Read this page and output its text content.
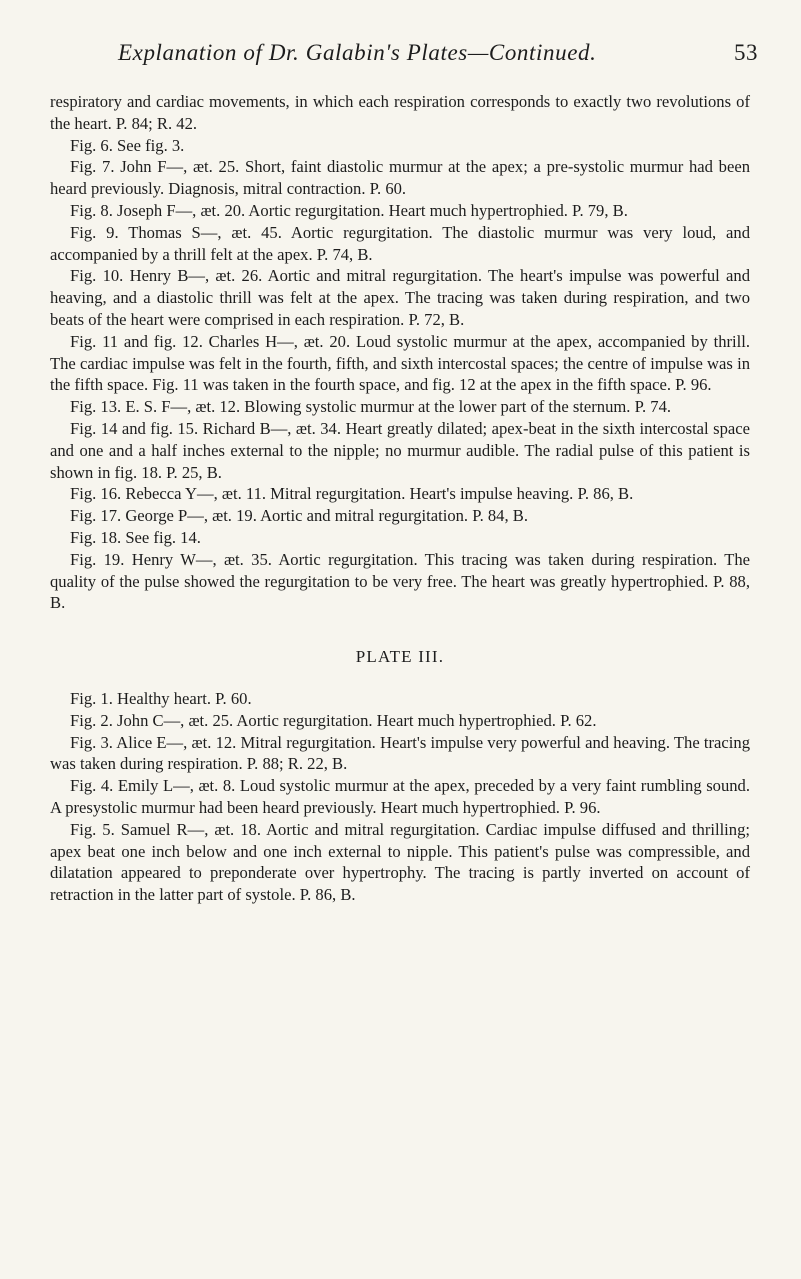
Explanation of Dr. Galabin's Plates—Continued.	53

respiratory and cardiac movements, in which each respiration corresponds to exactly two revolutions of the heart. P. 84; R. 42.

Fig. 6. See fig. 3.

Fig. 7. John F—, æt. 25. Short, faint diastolic murmur at the apex; a pre-systolic murmur had been heard previously. Diagnosis, mitral contraction. P. 60.

Fig. 8. Joseph F—, æt. 20. Aortic regurgitation. Heart much hypertrophied. P. 79, B.

Fig. 9. Thomas S—, æt. 45. Aortic regurgitation. The diastolic murmur was very loud, and accompanied by a thrill felt at the apex. P. 74, B.

Fig. 10. Henry B—, æt. 26. Aortic and mitral regurgitation. The heart's impulse was powerful and heaving, and a diastolic thrill was felt at the apex. The tracing was taken during respiration, and two beats of the heart were comprised in each respiration. P. 72, B.

Fig. 11 and fig. 12. Charles H—, æt. 20. Loud systolic murmur at the apex, accompanied by thrill. The cardiac impulse was felt in the fourth, fifth, and sixth intercostal spaces; the centre of impulse was in the fifth space. Fig. 11 was taken in the fourth space, and fig. 12 at the apex in the fifth space. P. 96.

Fig. 13. E. S. F—, æt. 12. Blowing systolic murmur at the lower part of the sternum. P. 74.

Fig. 14 and fig. 15. Richard B—, æt. 34. Heart greatly dilated; apex-beat in the sixth intercostal space and one and a half inches external to the nipple; no murmur audible. The radial pulse of this patient is shown in fig. 18. P. 25, B.

Fig. 16. Rebecca Y—, æt. 11. Mitral regurgitation. Heart's impulse heaving. P. 86, B.

Fig. 17. George P—, æt. 19. Aortic and mitral regurgitation. P. 84, B.

Fig. 18. See fig. 14.

Fig. 19. Henry W—, æt. 35. Aortic regurgitation. This tracing was taken during respiration. The quality of the pulse showed the regurgitation to be very free. The heart was greatly hypertrophied. P. 88, B.

PLATE III.

Fig. 1. Healthy heart. P. 60.

Fig. 2. John C—, æt. 25. Aortic regurgitation. Heart much hypertrophied. P. 62.

Fig. 3. Alice E—, æt. 12. Mitral regurgitation. Heart's impulse very powerful and heaving. The tracing was taken during respiration. P. 88; R. 22, B.

Fig. 4. Emily L—, æt. 8. Loud systolic murmur at the apex, preceded by a very faint rumbling sound. A presystolic murmur had been heard previously. Heart much hypertrophied. P. 96.

Fig. 5. Samuel R—, æt. 18. Aortic and mitral regurgitation. Cardiac impulse diffused and thrilling; apex beat one inch below and one inch external to nipple. This patient's pulse was compressible, and dilatation appeared to preponderate over hypertrophy. The tracing is partly inverted on account of retraction in the latter part of systole. P. 86, B.
